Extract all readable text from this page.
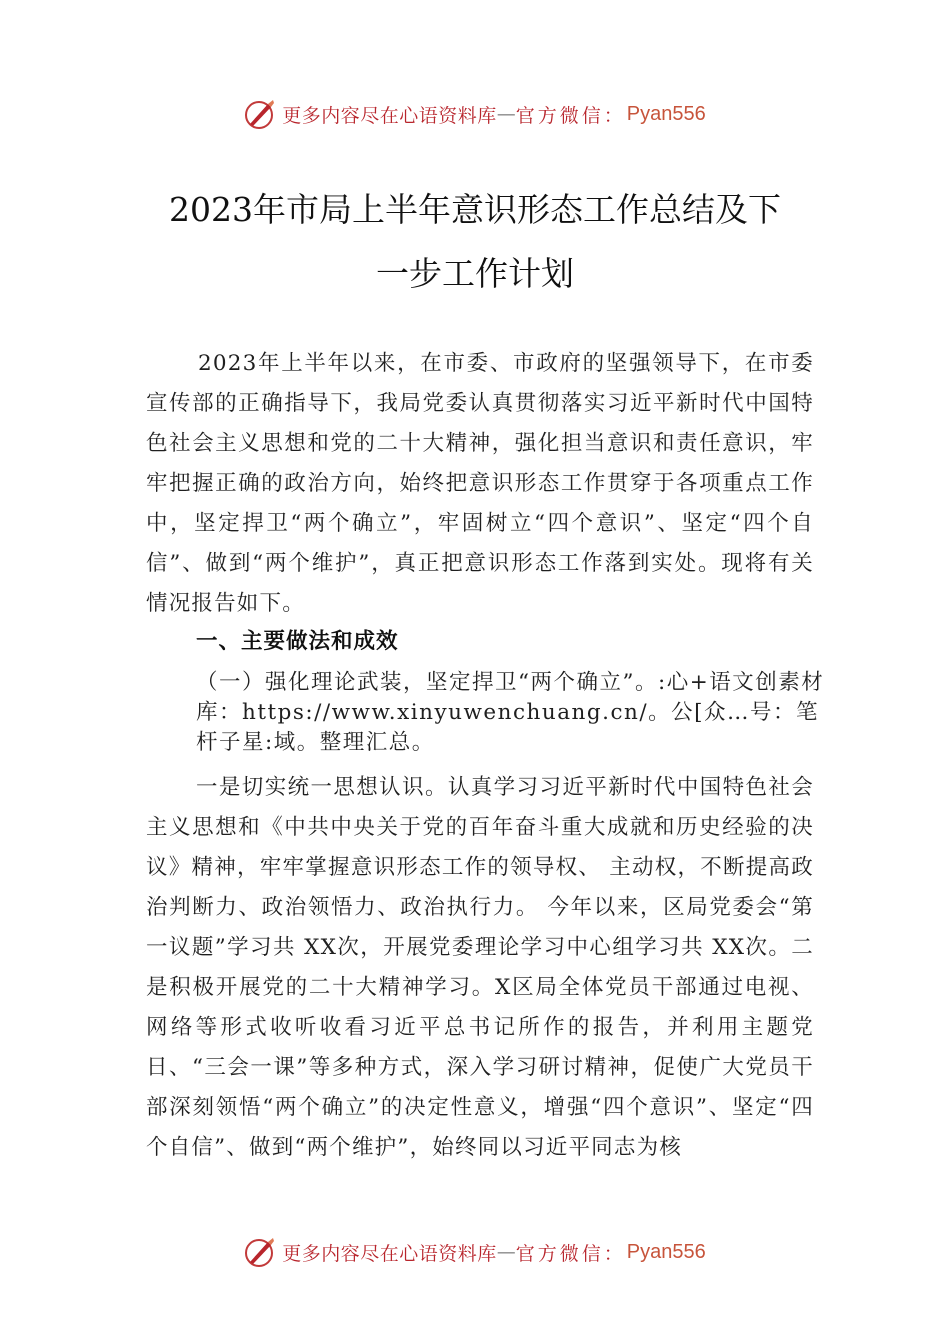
更多内容尽在心语资料库 — 官方微信 ： Pyan556
2023年市局上半年意识形态工作总结及下
一步工作计划

2023年上半年以来，在市委、市政府的坚强领导下，在市委宣传部的正确指导下，我局党委认真贯彻落实习近平新时代中国特色社会主义思想和党的二十大精神，强化担当意识和责任意识，牢牢把握正确的政治方向，始终把意识形态工作贯穿于各项重点工作中，坚定捍卫“两个确立”，牢固树立“四个意识”、坚定“四个自信”、做到“两个维护”，真正把意识形态工作落到实处。现将有关情况报告如下。

一、主要做法和成效

（一）强化理论武装，坚定捍卫“两个确立”。:心+语文创素材库：https://www.xinyuwenchuang.cn/。公[众…号：笔杆子星:域。整理汇总。

一是切实统一思想认识。认真学习习近平新时代中国特色社会主义思想和《中共中央关于党的百年奋斗重大成就和历史经验的决议》精神，牢牢掌握意识形态工作的领导权、 主动权，不断提高政治判断力、政治领悟力、政治执行力。 今年以来，区局党委会“第一议题”学习共 XX次，开展党委理论学习中心组学习共 XX次。二是积极开展党的二十大精神学习。X区局全体党员干部通过电视、网络等形式收听收看习近平总书记所作的报告，并利用主题党日、“三会一课”等多种方式，深入学习研讨精神，促使广大党员干部深刻领悟“两个确立”的决定性意义，增强“四个意识”、坚定“四个自信”、做到“两个维护”，始终同以习近平同志为核

更多内容尽在心语资料库 — 官方微信 ： Pyan556
